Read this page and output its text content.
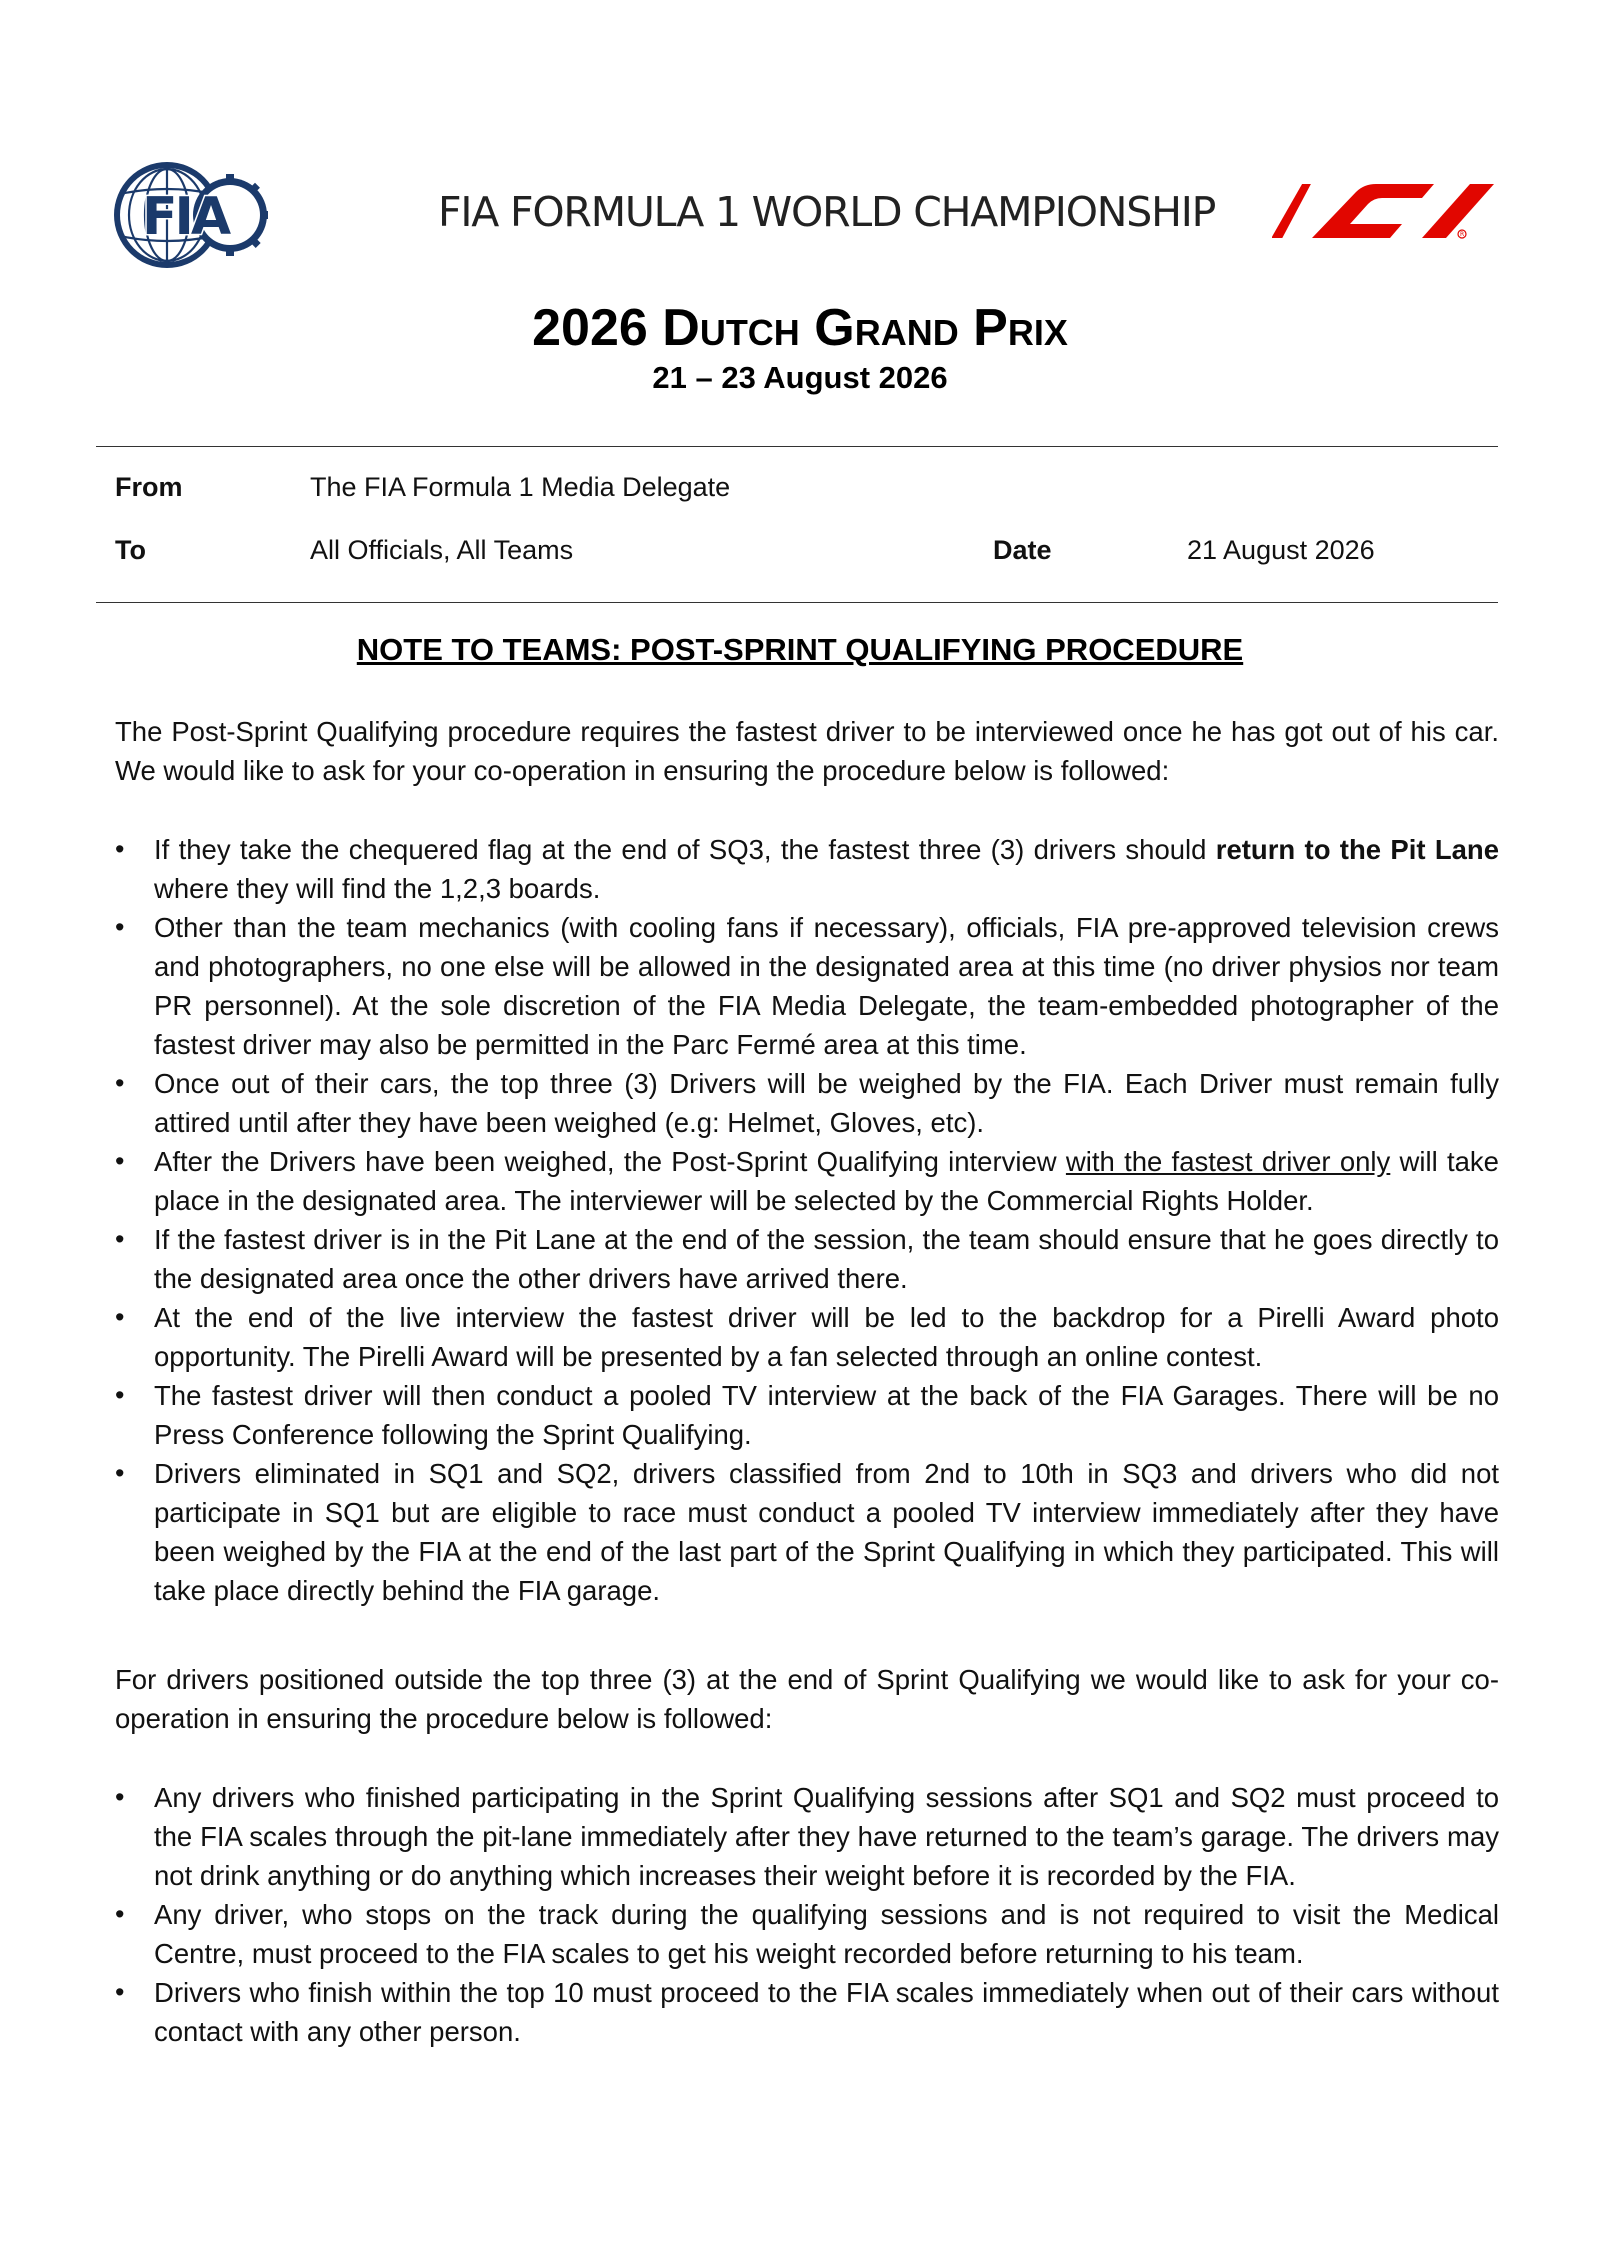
FIA	FIA FORMULA 1 WORLD CHAMPIONSHIP	R
2026 Dutch Grand Prix
21 – 23 August 2026
From	The FIA Formula 1 Media Delegate
To	All Officials, All Teams	Date	21 August 2026
NOTE TO TEAMS: POST-SPRINT QUALIFYING PROCEDURE
The Post-Sprint Qualifying procedure requires the fastest driver to be interviewed once he has got out of his car. We would like to ask for your co-operation in ensuring the procedure below is followed:
• If they take the chequered flag at the end of SQ3, the fastest three (3) drivers should return to the Pit Lane where they will find the 1,2,3 boards.
• Other than the team mechanics (with cooling fans if necessary), officials, FIA pre-approved television crews and photographers, no one else will be allowed in the designated area at this time (no driver physios nor team PR personnel). At the sole discretion of the FIA Media Delegate, the team-embedded photographer of the fastest driver may also be permitted in the Parc Fermé area at this time.
• Once out of their cars, the top three (3) Drivers will be weighed by the FIA. Each Driver must remain fully attired until after they have been weighed (e.g: Helmet, Gloves, etc).
• After the Drivers have been weighed, the Post-Sprint Qualifying interview with the fastest driver only will take place in the designated area. The interviewer will be selected by the Commercial Rights Holder.
• If the fastest driver is in the Pit Lane at the end of the session, the team should ensure that he goes directly to the designated area once the other drivers have arrived there.
• At the end of the live interview the fastest driver will be led to the backdrop for a Pirelli Award photo opportunity. The Pirelli Award will be presented by a fan selected through an online contest.
• The fastest driver will then conduct a pooled TV interview at the back of the FIA Garages. There will be no Press Conference following the Sprint Qualifying.
• Drivers eliminated in SQ1 and SQ2, drivers classified from 2nd to 10th in SQ3 and drivers who did not participate in SQ1 but are eligible to race must conduct a pooled TV interview immediately after they have been weighed by the FIA at the end of the last part of the Sprint Qualifying in which they participated. This will take place directly behind the FIA garage.
For drivers positioned outside the top three (3) at the end of Sprint Qualifying we would like to ask for your co-operation in ensuring the procedure below is followed:
• Any drivers who finished participating in the Sprint Qualifying sessions after SQ1 and SQ2 must proceed to the FIA scales through the pit-lane immediately after they have returned to the team’s garage. The drivers may not drink anything or do anything which increases their weight before it is recorded by the FIA.
• Any driver, who stops on the track during the qualifying sessions and is not required to visit the Medical Centre, must proceed to the FIA scales to get his weight recorded before returning to his team.
• Drivers who finish within the top 10 must proceed to the FIA scales immediately when out of their cars without contact with any other person.
